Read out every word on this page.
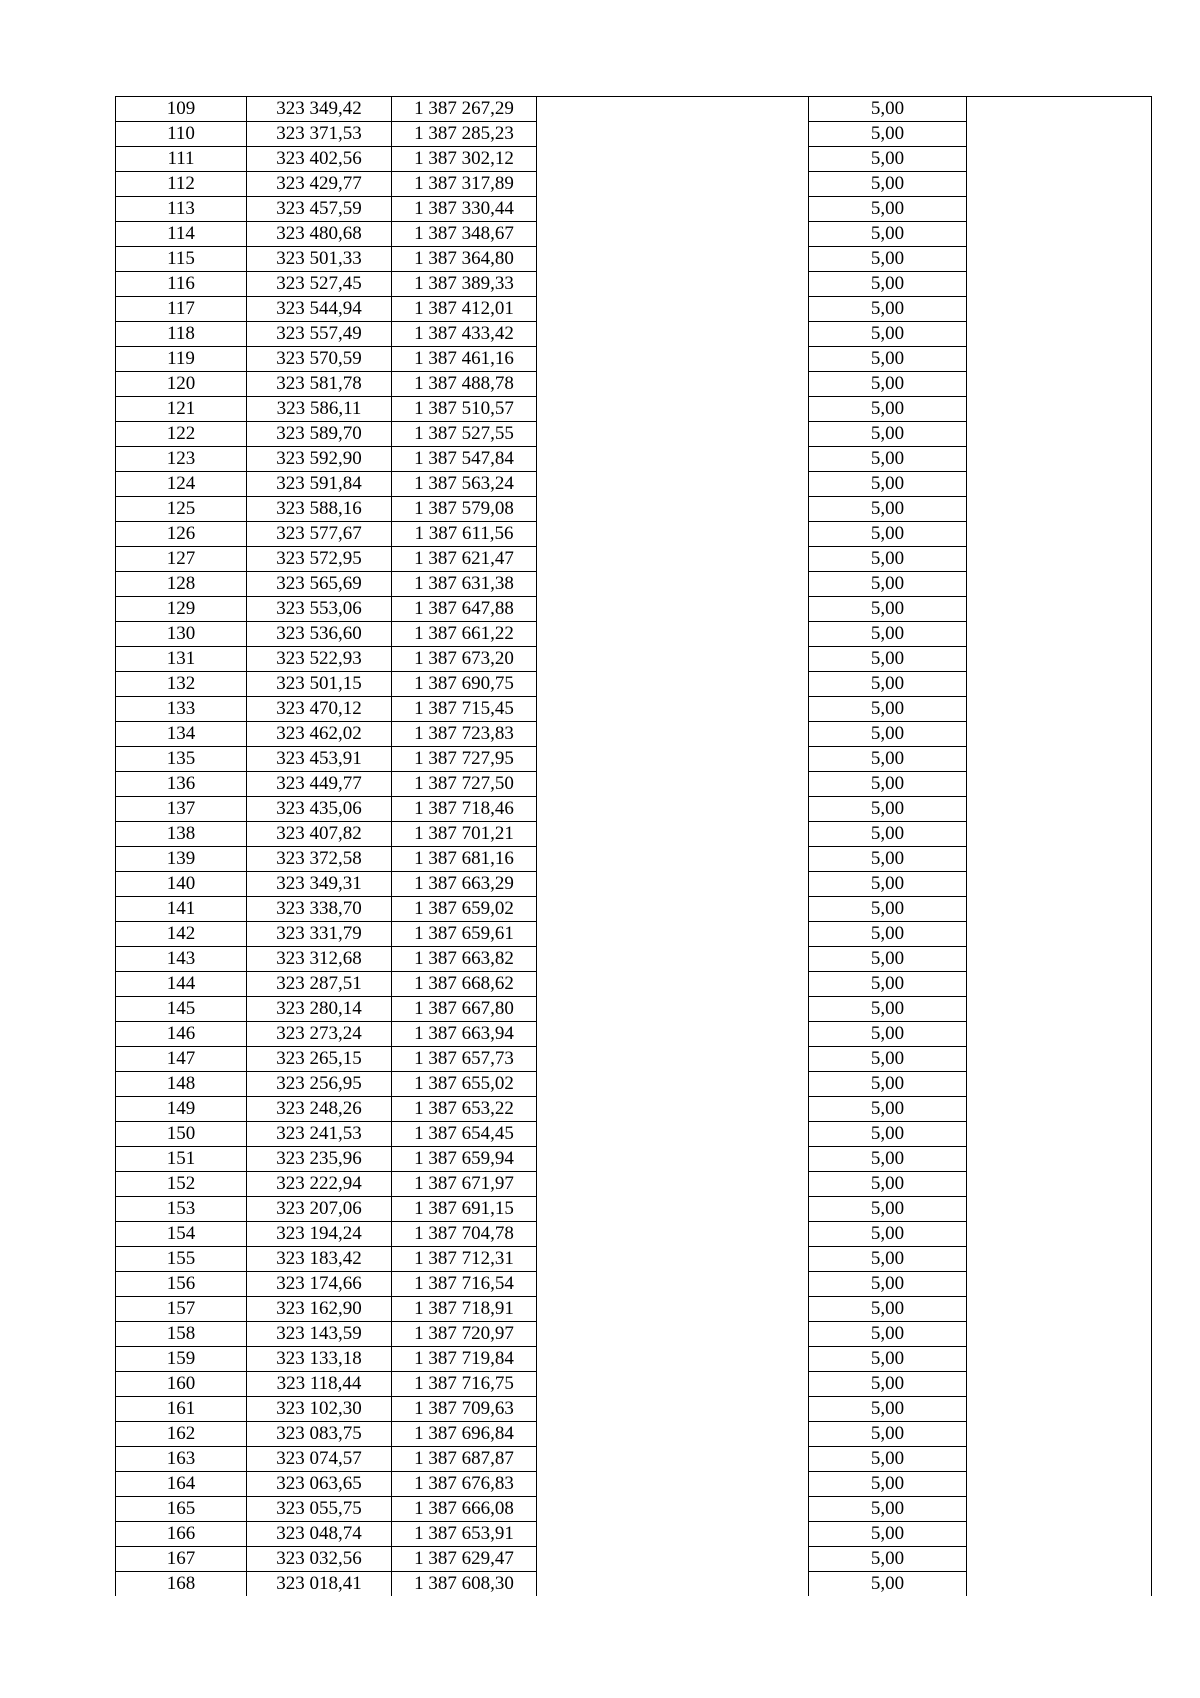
109	323 349,42	1 387 267,29		5,00	
110	323 371,53	1 387 285,23		5,00	
111	323 402,56	1 387 302,12		5,00	
112	323 429,77	1 387 317,89		5,00	
113	323 457,59	1 387 330,44		5,00	
114	323 480,68	1 387 348,67		5,00	
115	323 501,33	1 387 364,80		5,00	
116	323 527,45	1 387 389,33		5,00	
117	323 544,94	1 387 412,01		5,00	
118	323 557,49	1 387 433,42		5,00	
119	323 570,59	1 387 461,16		5,00	
120	323 581,78	1 387 488,78		5,00	
121	323 586,11	1 387 510,57		5,00	
122	323 589,70	1 387 527,55		5,00	
123	323 592,90	1 387 547,84		5,00	
124	323 591,84	1 387 563,24		5,00	
125	323 588,16	1 387 579,08		5,00	
126	323 577,67	1 387 611,56		5,00	
127	323 572,95	1 387 621,47		5,00	
128	323 565,69	1 387 631,38		5,00	
129	323 553,06	1 387 647,88		5,00	
130	323 536,60	1 387 661,22		5,00	
131	323 522,93	1 387 673,20		5,00	
132	323 501,15	1 387 690,75		5,00	
133	323 470,12	1 387 715,45		5,00	
134	323 462,02	1 387 723,83		5,00	
135	323 453,91	1 387 727,95		5,00	
136	323 449,77	1 387 727,50		5,00	
137	323 435,06	1 387 718,46		5,00	
138	323 407,82	1 387 701,21		5,00	
139	323 372,58	1 387 681,16		5,00	
140	323 349,31	1 387 663,29		5,00	
141	323 338,70	1 387 659,02		5,00	
142	323 331,79	1 387 659,61		5,00	
143	323 312,68	1 387 663,82		5,00	
144	323 287,51	1 387 668,62		5,00	
145	323 280,14	1 387 667,80		5,00	
146	323 273,24	1 387 663,94		5,00	
147	323 265,15	1 387 657,73		5,00	
148	323 256,95	1 387 655,02		5,00	
149	323 248,26	1 387 653,22		5,00	
150	323 241,53	1 387 654,45		5,00	
151	323 235,96	1 387 659,94		5,00	
152	323 222,94	1 387 671,97		5,00	
153	323 207,06	1 387 691,15		5,00	
154	323 194,24	1 387 704,78		5,00	
155	323 183,42	1 387 712,31		5,00	
156	323 174,66	1 387 716,54		5,00	
157	323 162,90	1 387 718,91		5,00	
158	323 143,59	1 387 720,97		5,00	
159	323 133,18	1 387 719,84		5,00	
160	323 118,44	1 387 716,75		5,00	
161	323 102,30	1 387 709,63		5,00	
162	323 083,75	1 387 696,84		5,00	
163	323 074,57	1 387 687,87		5,00	
164	323 063,65	1 387 676,83		5,00	
165	323 055,75	1 387 666,08		5,00	
166	323 048,74	1 387 653,91		5,00	
167	323 032,56	1 387 629,47		5,00	
168	323 018,41	1 387 608,30		5,00	
